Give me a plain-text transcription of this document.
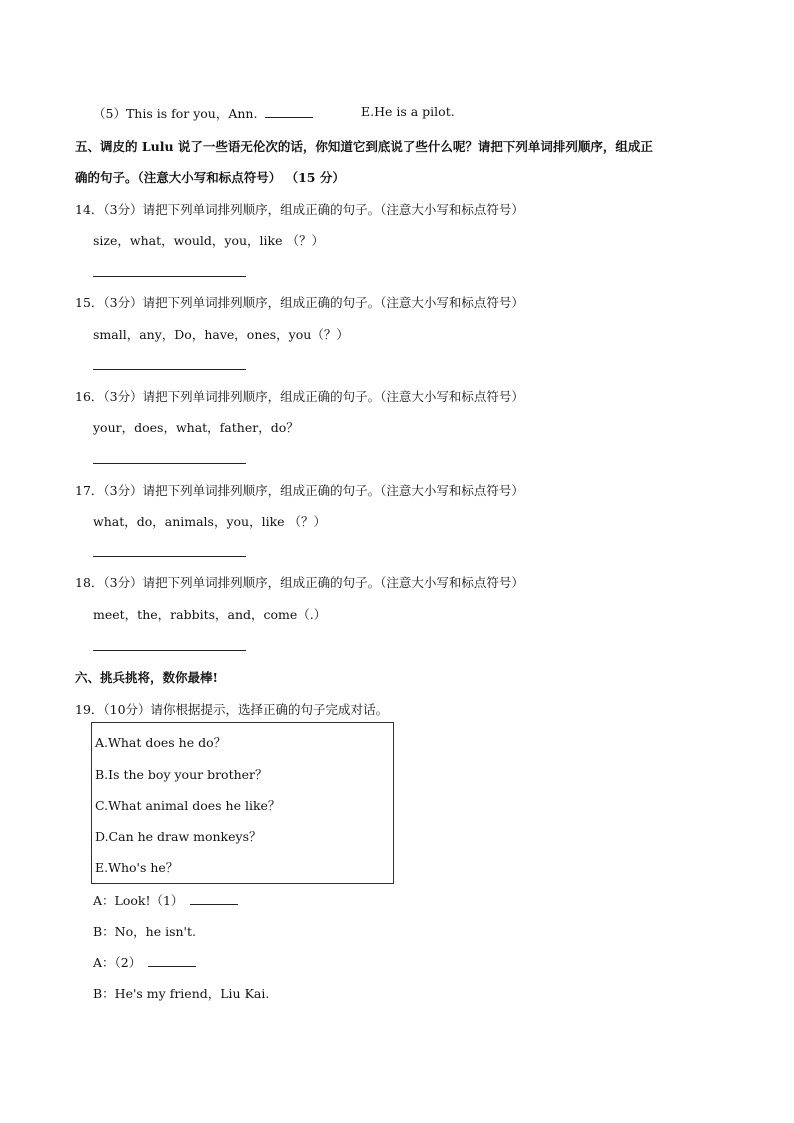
（5）This is for you，Ann.	E.He is a pilot.
五、调皮的 Lulu 说了一些语无伦次的话，你知道它到底说了些什么呢？请把下列单词排列顺序，组成正
确的句子。（注意大小写和标点符号） （15 分）
14．（3分）请把下列单词排列顺序，组成正确的句子。（注意大小写和标点符号）
size，what，would，you，like （？）
15．（3分）请把下列单词排列顺序，组成正确的句子。（注意大小写和标点符号）
small，any，Do，have，ones，you（？）
16．（3分）请把下列单词排列顺序，组成正确的句子。（注意大小写和标点符号）
your，does，what，father，do？
17．（3分）请把下列单词排列顺序，组成正确的句子。（注意大小写和标点符号）
what，do，animals，you，like （？）
18．（3分）请把下列单词排列顺序，组成正确的句子。（注意大小写和标点符号）
meet，the，rabbits，and，come（.）
六、挑兵挑将，数你最棒!
19．（10分）请你根据提示，选择正确的句子完成对话。
A.What does he do？
B.Is the boy your brother？
C.What animal does he like？
D.Can he draw monkeys？
E.Who's he？
A：Look!（1）
B：No，he isn't.
A：（2）
B：He's my friend，Liu Kai.
